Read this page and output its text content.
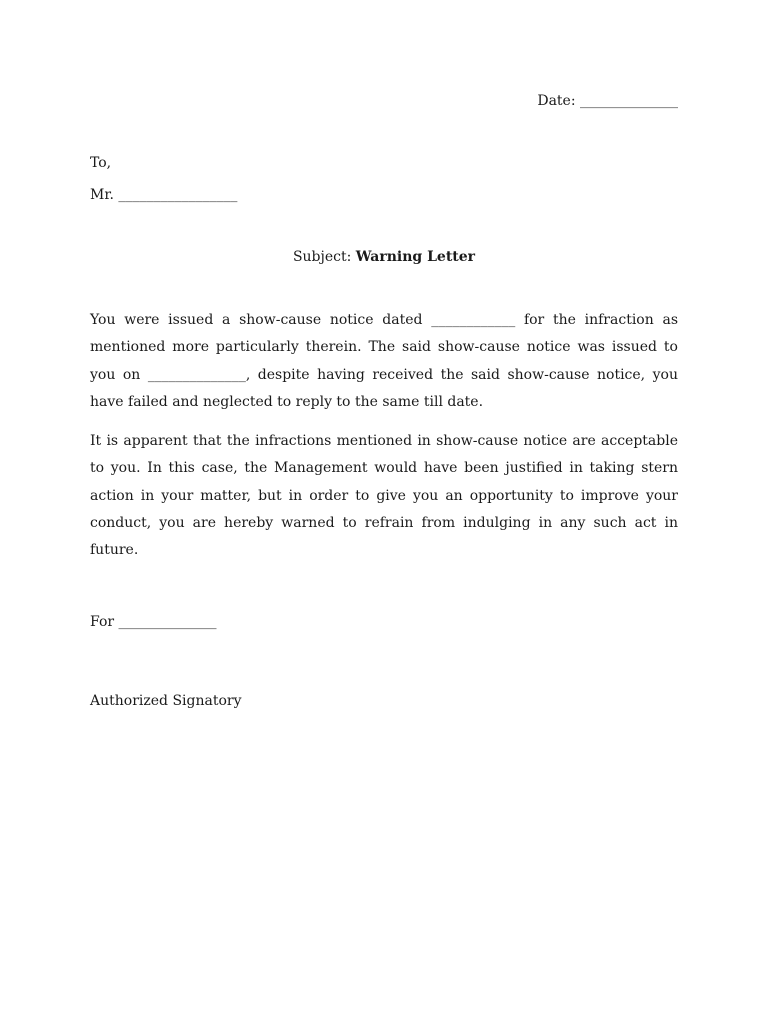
Date: ______________

To,

Mr. _________________

Subject: Warning Letter

You were issued a show-cause notice dated ____________ for the infraction as mentioned more particularly therein. The said show-cause notice was issued to you on ______________, despite having received the said show-cause notice, you have failed and neglected to reply to the same till date.

It is apparent that the infractions mentioned in show-cause notice are acceptable to you. In this case, the Management would have been justified in taking stern action in your matter, but in order to give you an opportunity to improve your conduct, you are hereby warned to refrain from indulging in any such act in future.

For ______________

Authorized Signatory
